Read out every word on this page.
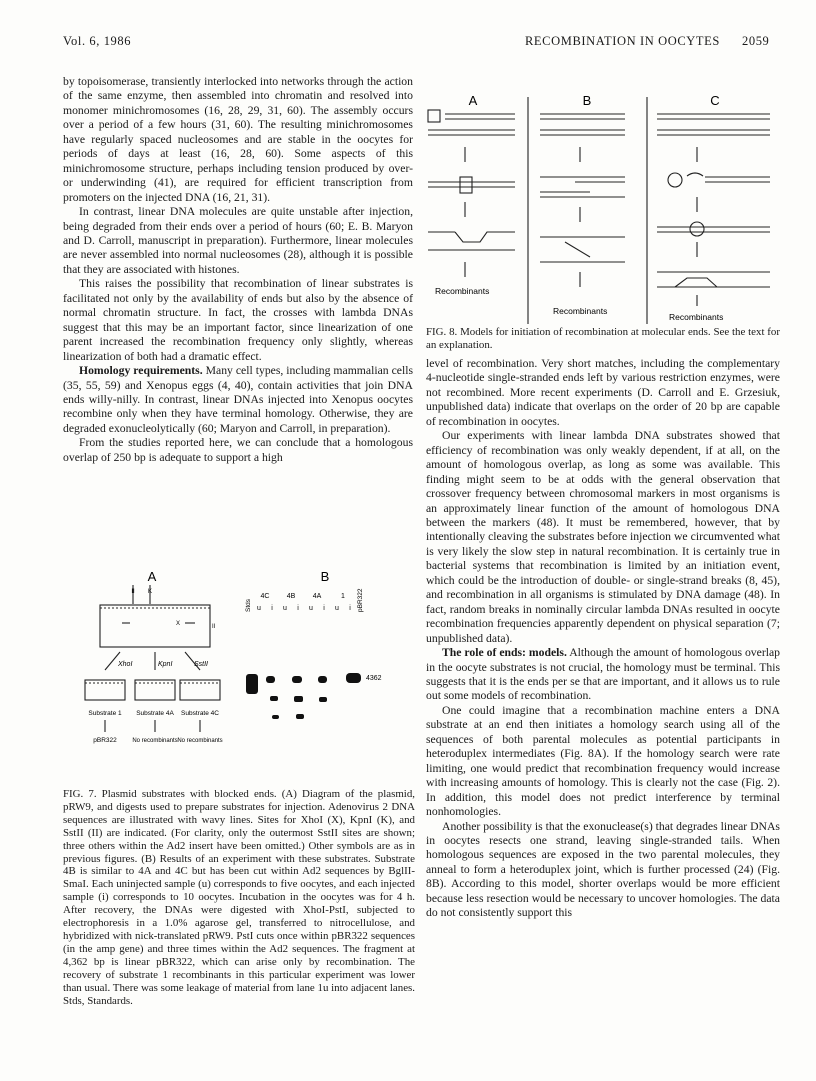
Vol. 6, 1986	RECOMBINATION IN OOCYTES 2059

by topoisomerase, transiently interlocked into networks through the action of the same enzyme, then assembled into chromatin and resolved into monomer minichromosomes (16, 28, 29, 31, 60). The assembly occurs over a period of a few hours (31, 60). The resulting minichromosomes have regularly spaced nucleosomes and are stable in the oocytes for periods of days at least (16, 28, 60). Some aspects of this minichromosome structure, perhaps including tension produced by over- or underwinding (41), are required for efficient transcription from promoters on the injected DNA (16, 21, 31).

In contrast, linear DNA molecules are quite unstable after injection, being degraded from their ends over a period of hours (60; E. B. Maryon and D. Carroll, manuscript in preparation). Furthermore, linear molecules are never assembled into normal nucleosomes (28), although it is possible that they are associated with histones.

This raises the possibility that recombination of linear substrates is facilitated not only by the availability of ends but also by the absence of normal chromatin structure. In fact, the crosses with lambda DNAs suggest that this may be an important factor, since linearization of one parent increased the recombination frequency only slightly, whereas linearization of both had a dramatic effect.

Homology requirements. Many cell types, including mammalian cells (35, 55, 59) and Xenopus eggs (4, 40), contain activities that join DNA ends willy-nilly. In contrast, linear DNAs injected into Xenopus oocytes recombine only when they have terminal homology. Otherwise, they are degraded exonucleolytically (60; Maryon and Carroll, in preparation).

From the studies reported here, we can conclude that a homologous overlap of 250 bp is adequate to support a high

A	B
II K
X	II
XhoI	KpnI	SstII
Substrate 1 Substrate 4A Substrate 4C
pBR322	No recombinants No recombinants
4C 4B 4A	1
Stds	pBR322
u i u i u i u i
4362
FIG. 7. Plasmid substrates with blocked ends. (A) Diagram of the plasmid, pRW9, and digests used to prepare substrates for injection. Adenovirus 2 DNA sequences are illustrated with wavy lines. Sites for XhoI (X), KpnI (K), and SstII (II) are indicated. (For clarity, only the outermost SstII sites are shown; three others within the Ad2 insert have been omitted.) Other symbols are as in previous figures. (B) Results of an experiment with these substrates. Substrate 4B is similar to 4A and 4C but has been cut within Ad2 sequences by BglII-SmaI. Each uninjected sample (u) corresponds to five oocytes, and each injected sample (i) corresponds to 10 oocytes. Incubation in the oocytes was for 4 h. After recovery, the DNAs were digested with XhoI-PstI, subjected to electrophoresis in a 1.0% agarose gel, transferred to nitrocellulose, and hybridized with nick-translated pRW9. PstI cuts once within pBR322 sequences (in the amp gene) and three times within the Ad2 sequences. The fragment at 4,362 bp is linear pBR322, which can arise only by recombination. The recovery of substrate 1 recombinants in this particular experiment was lower than usual. There was some leakage of material from lane 1u into adjacent lanes. Stds, Standards.
A	B	C
Recombinants
Recombinants
Recombinants
FIG. 8. Models for initiation of recombination at molecular ends. See the text for an explanation.

level of recombination. Very short matches, including the complementary 4-nucleotide single-stranded ends left by various restriction enzymes, were not recombined. More recent experiments (D. Carroll and E. Grzesiuk, unpublished data) indicate that overlaps on the order of 20 bp are capable of recombination in oocytes.

Our experiments with linear lambda DNA substrates showed that efficiency of recombination was only weakly dependent, if at all, on the amount of homologous overlap, as long as some was available. This finding might seem to be at odds with the general observation that crossover frequency between chromosomal markers in most organisms is an approximately linear function of the amount of homologous DNA between the markers (48). It must be remembered, however, that by intentionally cleaving the substrates before injection we circumvented what is very likely the slow step in natural recombination. It is certainly true in bacterial systems that recombination is limited by an initiation event, which could be the introduction of double- or single-strand breaks (8, 45), and recombination in all organisms is stimulated by DNA damage (48). In fact, random breaks in nominally circular lambda DNAs resulted in oocyte recombination frequencies apparently dependent on physical separation (7; unpublished data).

The role of ends: models. Although the amount of homologous overlap in the oocyte substrates is not crucial, the homology must be terminal. This suggests that it is the ends per se that are important, and it allows us to rule out some models of recombination.

One could imagine that a recombination machine enters a DNA substrate at an end then initiates a homology search using all of the sequences of both parental molecules as potential participants in heteroduplex intermediates (Fig. 8A). If the homology search were rate limiting, one would predict that recombination frequency would increase with increasing amounts of homology. This is clearly not the case (Fig. 2). In addition, this model does not predict interference by terminal nonhomologies.

Another possibility is that the exonuclease(s) that degrades linear DNAs in oocytes resects one strand, leaving single-stranded tails. When homologous sequences are exposed in the two parental molecules, they anneal to form a heteroduplex joint, which is further processed (24) (Fig. 8B). According to this model, shorter overlaps would be more efficient because less resection would be necessary to uncover homologies. The data do not consistently support this
